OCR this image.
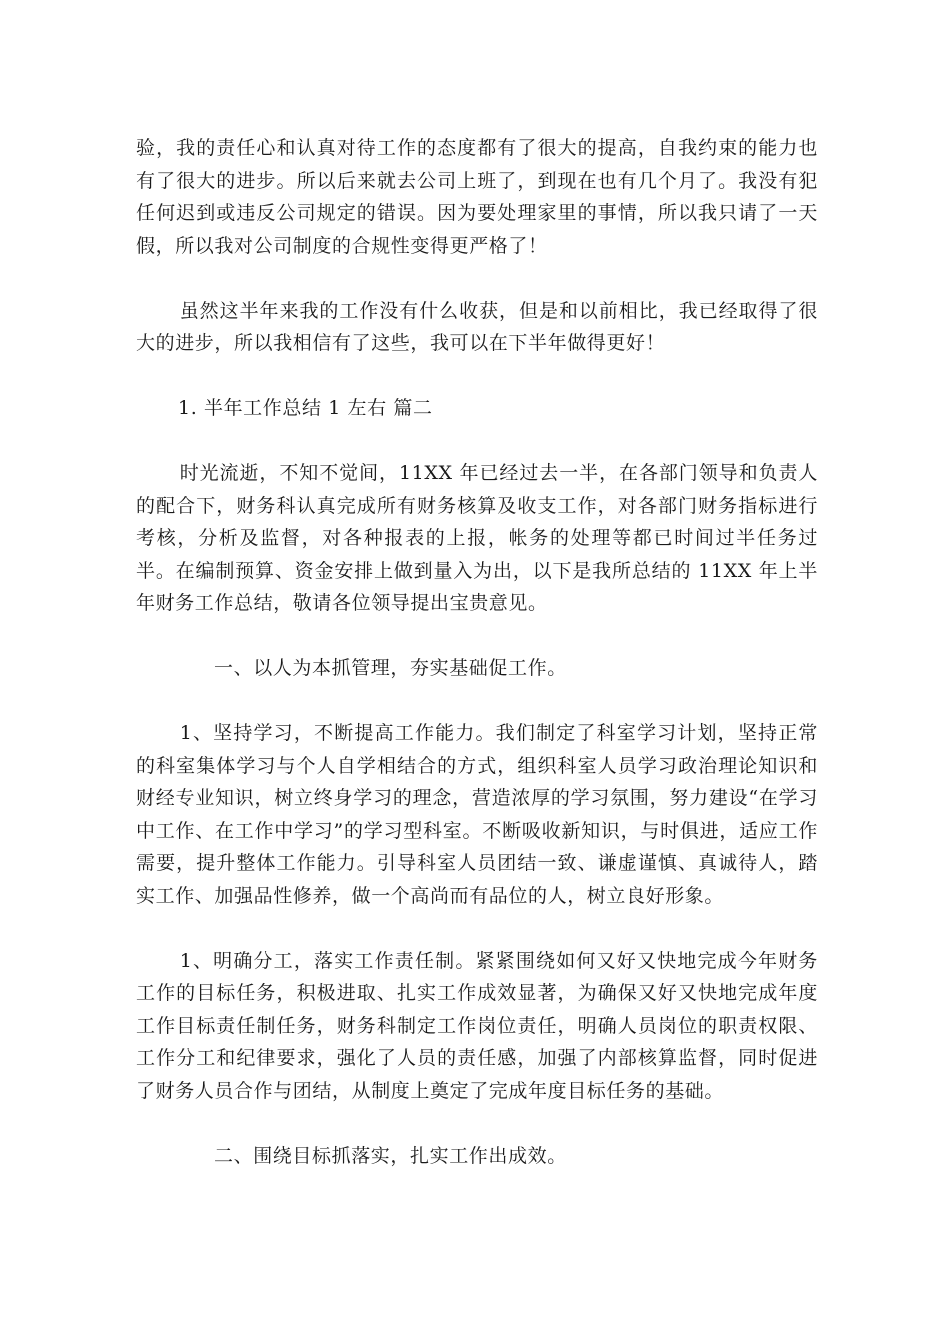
验，我的责任心和认真对待工作的态度都有了很大的提高，自我约束的能力也有了很大的进步。所以后来就去公司上班了，到现在也有几个月了。我没有犯任何迟到或违反公司规定的错误。因为要处理家里的事情，所以我只请了一天假，所以我对公司制度的合规性变得更严格了！

虽然这半年来我的工作没有什么收获，但是和以前相比，我已经取得了很大的进步，所以我相信有了这些，我可以在下半年做得更好！

1. 半年工作总结 1 左右 篇二

时光流逝，不知不觉间，11XX 年已经过去一半，在各部门领导和负责人的配合下，财务科认真完成所有财务核算及收支工作，对各部门财务指标进行考核，分析及监督，对各种报表的上报，帐务的处理等都已时间过半任务过半。在编制预算、资金安排上做到量入为出，以下是我所总结的 11XX 年上半年财务工作总结，敬请各位领导提出宝贵意见。

一、以人为本抓管理，夯实基础促工作。

1、坚持学习，不断提高工作能力。我们制定了科室学习计划，坚持正常的科室集体学习与个人自学相结合的方式，组织科室人员学习政治理论知识和财经专业知识，树立终身学习的理念，营造浓厚的学习氛围，努力建设“在学习中工作、在工作中学习”的学习型科室。不断吸收新知识，与时俱进，适应工作需要，提升整体工作能力。引导科室人员团结一致、谦虚谨慎、真诚待人，踏实工作、加强品性修养，做一个高尚而有品位的人，树立良好形象。

1、明确分工，落实工作责任制。紧紧围绕如何又好又快地完成今年财务工作的目标任务，积极进取、扎实工作成效显著，为确保又好又快地完成年度工作目标责任制任务，财务科制定工作岗位责任，明确人员岗位的职责权限、工作分工和纪律要求，强化了人员的责任感，加强了内部核算监督，同时促进了财务人员合作与团结，从制度上奠定了完成年度目标任务的基础。

二、围绕目标抓落实，扎实工作出成效。
